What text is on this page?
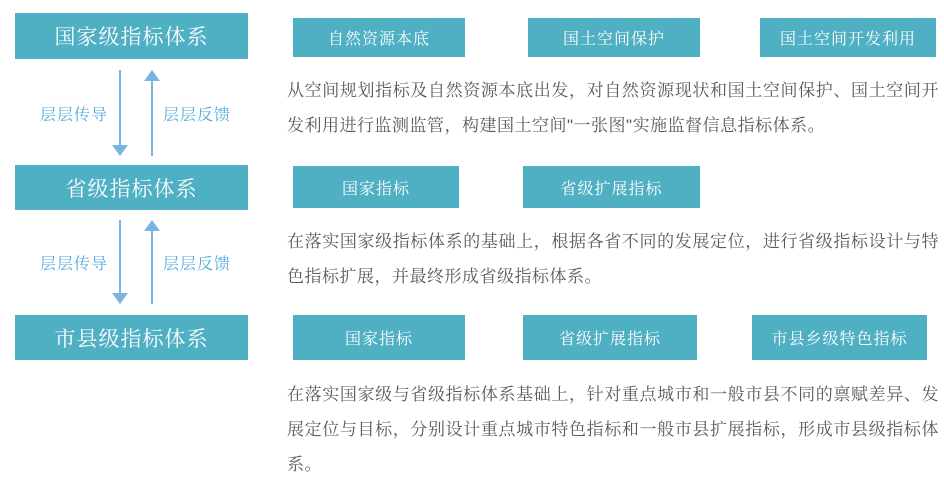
国家级指标体系
层层传导	层层反馈
省级指标体系
层层传导	层层反馈
市县级指标体系
自然资源本底	国土空间保护	国土空间开发利用

从空间规划指标及自然资源本底出发，对自然资源现状和国土空间保护、国土空间开发利用进行监测监管，构建国土空间"一张图"实施监督信息指标体系。

国家指标	省级扩展指标

在落实国家级指标体系的基础上，根据各省不同的发展定位，进行省级指标设计与特色指标扩展，并最终形成省级指标体系。

国家指标	省级扩展指标	市县乡级特色指标

在落实国家级与省级指标体系基础上，针对重点城市和一般市县不同的禀赋差异、发展定位与目标，分别设计重点城市特色指标和一般市县扩展指标，形成市县级指标体系。
